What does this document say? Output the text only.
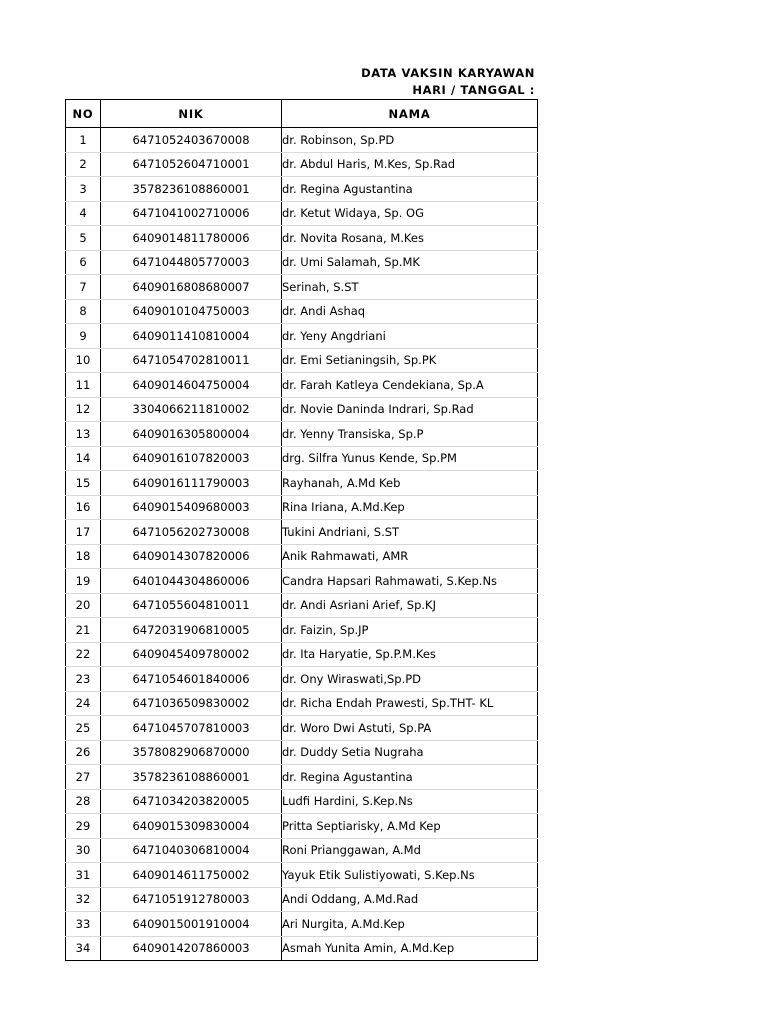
DATA VAKSIN KARYAWAN
HARI / TANGGAL :
NO	NIK	NAMA
1	6471052403670008	dr. Robinson, Sp.PD
2	6471052604710001	dr. Abdul Haris, M.Kes, Sp.Rad
3	3578236108860001	dr. Regina Agustantina
4	6471041002710006	dr. Ketut Widaya, Sp. OG
5	6409014811780006	dr. Novita Rosana, M.Kes
6	6471044805770003	dr. Umi Salamah, Sp.MK
7	6409016808680007	Serinah, S.ST
8	6409010104750003	dr. Andi Ashaq
9	6409011410810004	dr. Yeny Angdriani
10	6471054702810011	dr. Emi Setianingsih, Sp.PK
11	6409014604750004	dr. Farah Katleya Cendekiana, Sp.A
12	3304066211810002	dr. Novie Daninda Indrari, Sp.Rad
13	6409016305800004	dr. Yenny Transiska, Sp.P
14	6409016107820003	drg. Silfra Yunus Kende, Sp.PM
15	6409016111790003	Rayhanah, A.Md Keb
16	6409015409680003	Rina Iriana, A.Md.Kep
17	6471056202730008	Tukini Andriani, S.ST
18	6409014307820006	Anik Rahmawati, AMR
19	6401044304860006	Candra Hapsari Rahmawati, S.Kep.Ns
20	6471055604810011	dr. Andi Asriani Arief, Sp.KJ
21	6472031906810005	dr. Faizin, Sp.JP
22	6409045409780002	dr. Ita Haryatie, Sp.P.M.Kes
23	6471054601840006	dr. Ony Wiraswati,Sp.PD
24	6471036509830002	dr. Richa Endah Prawesti, Sp.THT- KL
25	6471045707810003	dr. Woro Dwi Astuti, Sp.PA
26	3578082906870000	dr. Duddy Setia Nugraha
27	3578236108860001	dr. Regina Agustantina
28	6471034203820005	Ludfi Hardini, S.Kep.Ns
29	6409015309830004	Pritta Septiarisky, A.Md Kep
30	6471040306810004	Roni Prianggawan, A.Md
31	6409014611750002	Yayuk Etik Sulistiyowati, S.Kep.Ns
32	6471051912780003	Andi Oddang, A.Md.Rad
33	6409015001910004	Ari Nurgita, A.Md.Kep
34	6409014207860003	Asmah Yunita Amin, A.Md.Kep
